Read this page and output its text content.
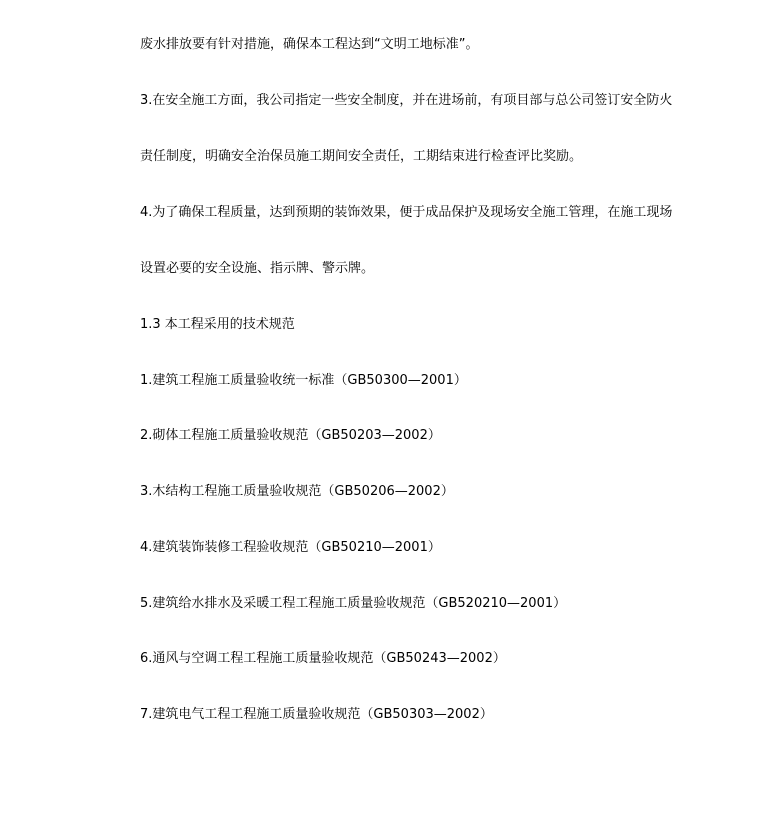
废水排放要有针对措施，确保本工程达到“文明工地标准”。

3.在安全施工方面，我公司指定一些安全制度，并在进场前，有项目部与总公司签订安全防火

责任制度，明确安全治保员施工期间安全责任，工期结束进行检查评比奖励。

4.为了确保工程质量，达到预期的装饰效果，便于成品保护及现场安全施工管理，在施工现场

设置必要的安全设施、指示牌、警示牌。

1.3 本工程采用的技术规范

1.建筑工程施工质量验收统一标准（GB50300—2001）

2.砌体工程施工质量验收规范（GB50203—2002）

3.木结构工程施工质量验收规范（GB50206—2002）

4.建筑装饰装修工程验收规范（GB50210—2001）

5.建筑给水排水及采暖工程工程施工质量验收规范（GB520210—2001）

6.通风与空调工程工程施工质量验收规范（GB50243—2002）

7.建筑电气工程工程施工质量验收规范（GB50303—2002）
